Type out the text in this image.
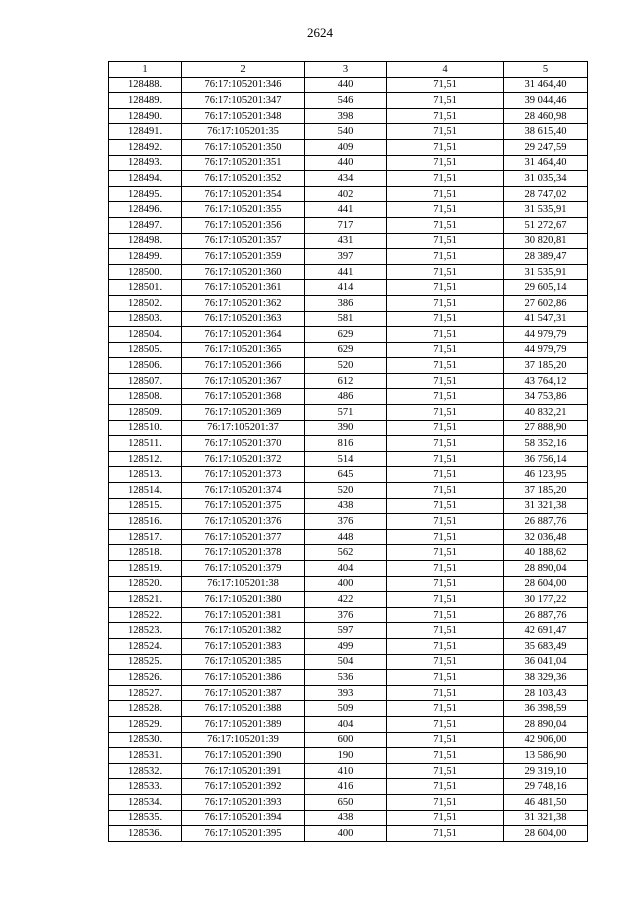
2624
1	2	3	4	5
128488.	76:17:105201:346	440	71,51	31 464,40
128489.	76:17:105201:347	546	71,51	39 044,46
128490.	76:17:105201:348	398	71,51	28 460,98
128491.	76:17:105201:35	540	71,51	38 615,40
128492.	76:17:105201:350	409	71,51	29 247,59
128493.	76:17:105201:351	440	71,51	31 464,40
128494.	76:17:105201:352	434	71,51	31 035,34
128495.	76:17:105201:354	402	71,51	28 747,02
128496.	76:17:105201:355	441	71,51	31 535,91
128497.	76:17:105201:356	717	71,51	51 272,67
128498.	76:17:105201:357	431	71,51	30 820,81
128499.	76:17:105201:359	397	71,51	28 389,47
128500.	76:17:105201:360	441	71,51	31 535,91
128501.	76:17:105201:361	414	71,51	29 605,14
128502.	76:17:105201:362	386	71,51	27 602,86
128503.	76:17:105201:363	581	71,51	41 547,31
128504.	76:17:105201:364	629	71,51	44 979,79
128505.	76:17:105201:365	629	71,51	44 979,79
128506.	76:17:105201:366	520	71,51	37 185,20
128507.	76:17:105201:367	612	71,51	43 764,12
128508.	76:17:105201:368	486	71,51	34 753,86
128509.	76:17:105201:369	571	71,51	40 832,21
128510.	76:17:105201:37	390	71,51	27 888,90
128511.	76:17:105201:370	816	71,51	58 352,16
128512.	76:17:105201:372	514	71,51	36 756,14
128513.	76:17:105201:373	645	71,51	46 123,95
128514.	76:17:105201:374	520	71,51	37 185,20
128515.	76:17:105201:375	438	71,51	31 321,38
128516.	76:17:105201:376	376	71,51	26 887,76
128517.	76:17:105201:377	448	71,51	32 036,48
128518.	76:17:105201:378	562	71,51	40 188,62
128519.	76:17:105201:379	404	71,51	28 890,04
128520.	76:17:105201:38	400	71,51	28 604,00
128521.	76:17:105201:380	422	71,51	30 177,22
128522.	76:17:105201:381	376	71,51	26 887,76
128523.	76:17:105201:382	597	71,51	42 691,47
128524.	76:17:105201:383	499	71,51	35 683,49
128525.	76:17:105201:385	504	71,51	36 041,04
128526.	76:17:105201:386	536	71,51	38 329,36
128527.	76:17:105201:387	393	71,51	28 103,43
128528.	76:17:105201:388	509	71,51	36 398,59
128529.	76:17:105201:389	404	71,51	28 890,04
128530.	76:17:105201:39	600	71,51	42 906,00
128531.	76:17:105201:390	190	71,51	13 586,90
128532.	76:17:105201:391	410	71,51	29 319,10
128533.	76:17:105201:392	416	71,51	29 748,16
128534.	76:17:105201:393	650	71,51	46 481,50
128535.	76:17:105201:394	438	71,51	31 321,38
128536.	76:17:105201:395	400	71,51	28 604,00
